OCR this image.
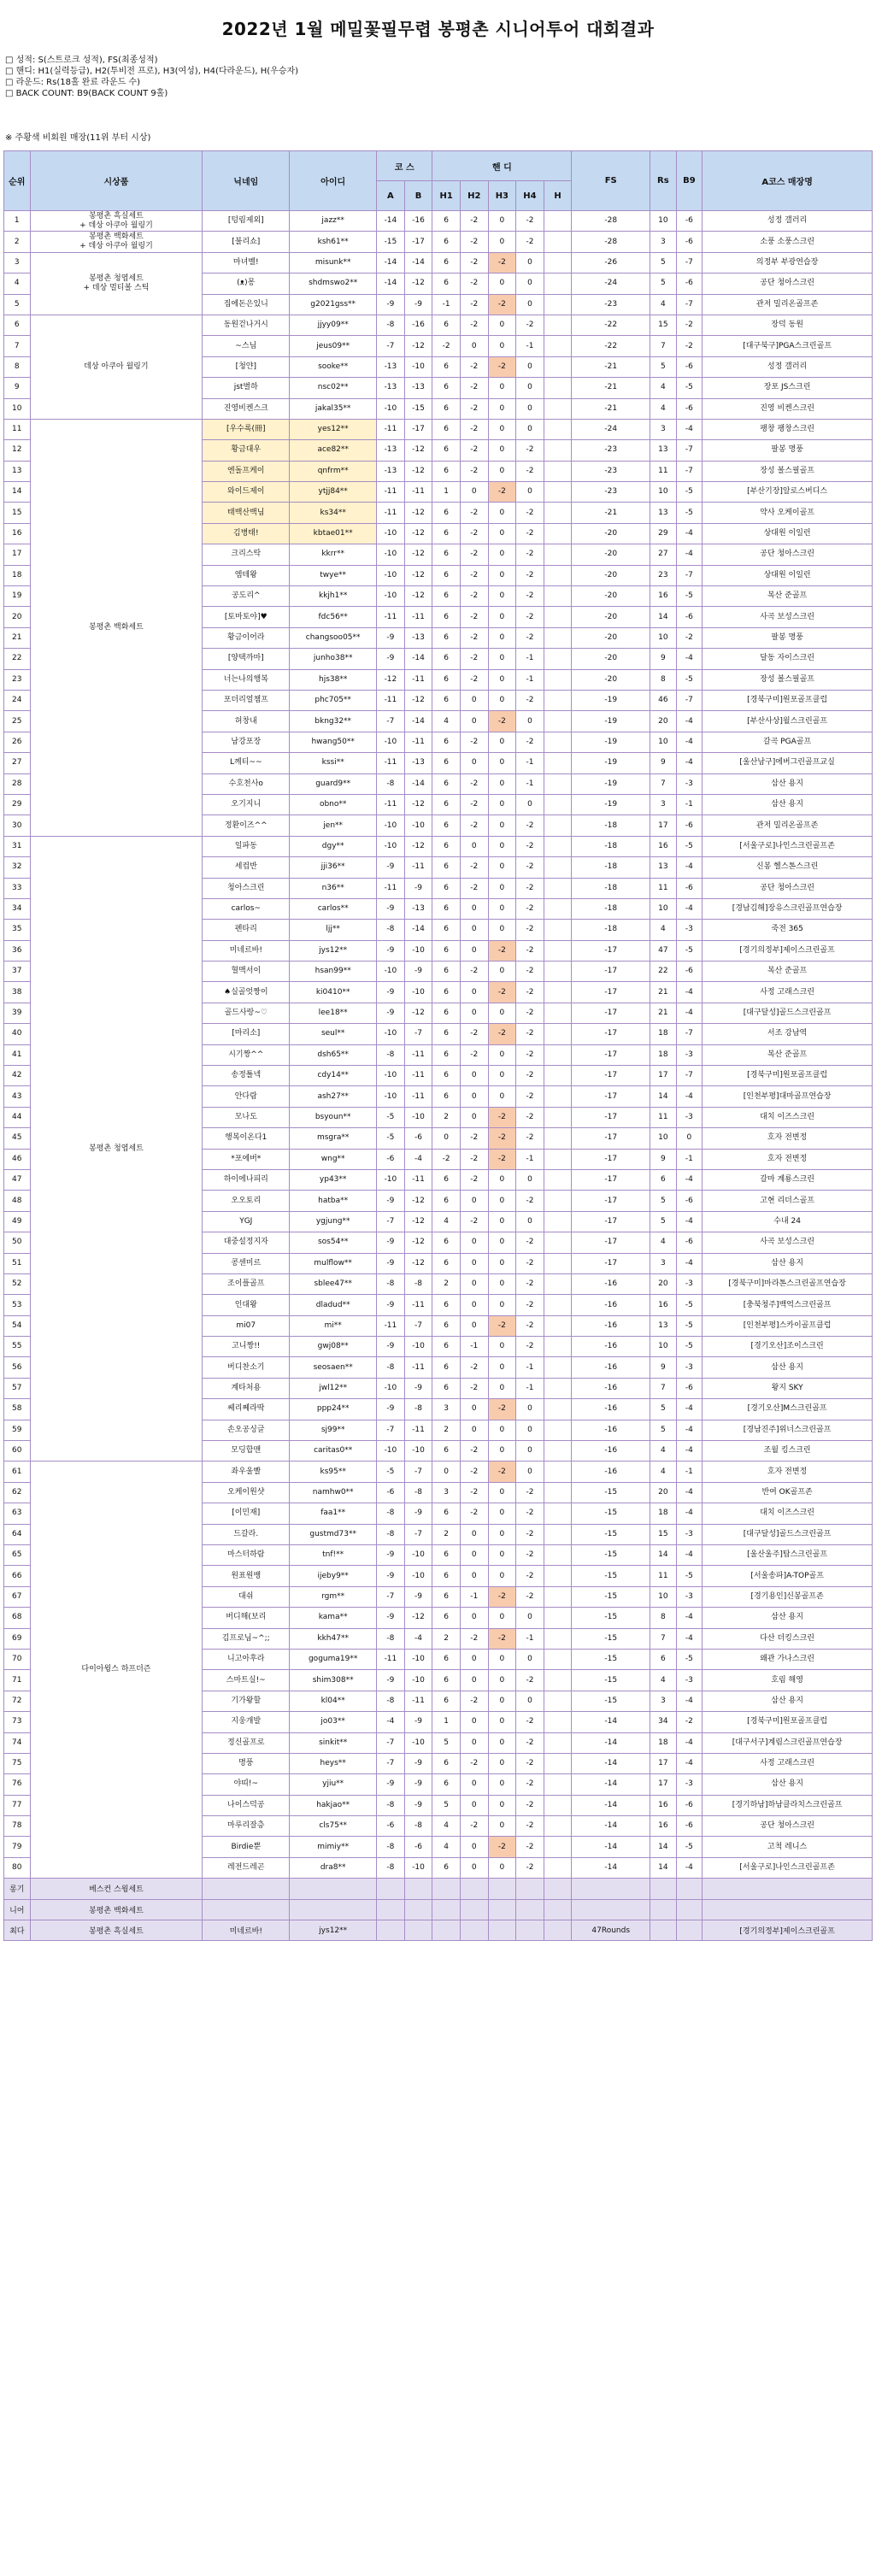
2022년 1월 메밀꽃필무렵 봉평촌 시니어투어 대회결과
□ 성적: S(스트로크 성적), FS(최종성적)
□ 핸디: H1(실력등급), H2(투비전 프로), H3(여성), H4(다라운드), H(우승자)
□ 라운드: Rs(18홀 완료 라운드 수)
□ BACK COUNT: B9(BACK COUNT 9홀)
※ 주황색 비회원 매장(11위 부터 시상)
순위	시상품	닉네임	아이디	코 스		핸 디					FS	Rs	B9	A코스 매장명
				A	B	H1	H2	H3	H4	H				
1	봉평촌 흑실세트
+ 데상 아쿠아 월링기	[텅림제외]	jazz**	-14	-16	6	-2	0	-2		-28	10	-6	성정 갤러리
2	봉평촌 백화세트
+ 데상 아쿠아 월링기	[불리쇼]	ksh61**	-15	-17	6	-2	0	-2		-28	3	-6	소풍 소풍스크린
3	봉평촌 청엽세트
+ 데상 멀티볼 스틱	마녀벨!	misunk**	-14	-14	6	-2	-2	0		-26	5	-7	의정부 부광연습장
4		(ᴥ)몽	shdmswo2**	-14	-12	6	-2	0	0		-24	5	-6	공단 청아스크린
5		집에돈은있니	g2021gss**	-9	-9	-1	-2	-2	0		-23	4	-7	관저 밀리온골프존
6	데상 아쿠아 월링기	동원걷나거시	jjyy09**	-8	-16	6	-2	0	-2		-22	15	-2	장덕 동원
7		~스님	jeus09**	-7	-12	-2	0	0	-1		-22	7	-2	[대구북구]PGA스크린골프
8		[청얀]	sooke**	-13	-10	6	-2	-2	0		-21	5	-6	성정 갤러리
9		jst별하	nsc02**	-13	-13	6	-2	0	0		-21	4	-5	장포 JS스크린
10		진영비켄스크	jakal35**	-10	-15	6	-2	0	0		-21	4	-6	진영 비켄스크린
11	봉평촌 백화세트	[우수록(冊]	yes12**	-11	-17	6	-2	0	0		-24	3	-4	팽창 팽창스크린
12		황금대우	ace82**	-13	-12	6	-2	0	-2		-23	13	-7	팔봉 명풍
13		엔돌프케이	qnfrm**	-13	-12	6	-2	0	-2		-23	11	-7	장성 볼스필골프
14		와이드제이	ytjj84**	-11	-11	1	0	-2	0		-23	10	-5	[부산기장]알로스버디스
15		태백산백님	ks34**	-11	-12	6	-2	0	-2		-21	13	-5	약사 오케이골프
16		김병태!	kbtae01**	-10	-12	6	-2	0	-2		-20	29	-4	상대원 이일런
17		크리스탁	kkrr**	-10	-12	6	-2	0	-2		-20	27	-4	공단 청아스크린
18		엠테왕	twye**	-10	-12	6	-2	0	-2		-20	23	-7	상대원 이일런
19		공도리^	kkjh1**	-10	-12	6	-2	0	-2		-20	16	-5	복산 준골프
20		[토마토야]♥	fdc56**	-11	-11	6	-2	0	-2		-20	14	-6	사곡 보성스크린
21		황금이어라	changsoo05**	-9	-13	6	-2	0	-2		-20	10	-2	팔봉 명풍
22		[양택까마]	junho38**	-9	-14	6	-2	0	-1		-20	9	-4	달동 자이스크린
23		너는나의행복	hjs38**	-12	-11	6	-2	0	-1		-20	8	-5	장성 볼스필골프
24		포더리얼챔프	phc705**	-11	-12	6	0	0	-2		-19	46	-7	[경북구미]원포골프클럽
25		허창내	bkng32**	-7	-14	4	0	-2	0		-19	20	-4	[부산사상]월스크린골프
26		남강포장	hwang50**	-10	-11	6	-2	0	-2		-19	10	-4	갈곡 PGA골프
27		L께티~~	kssi**	-11	-13	6	0	0	-1		-19	9	-4	[울산남구]에버그린골프교실
28		수호천사o	guard9**	-8	-14	6	-2	0	-1		-19	7	-3	삼산 용지
29		오기지니	obno**	-11	-12	6	-2	0	0		-19	3	-1	삼산 용지
30		정환이즈^^	jen**	-10	-10	6	-2	0	-2		-18	17	-6	관저 밀리온골프존
31	봉평촌 청엽세트	일파동	dgy**	-10	-12	6	0	0	-2		-18	16	-5	[서울구로]나인스크린골프존
32		세컵반	jji36**	-9	-11	6	-2	0	-2		-18	13	-4	신봉 헬스톤스크린
33		청아스크린	n36**	-11	-9	6	-2	0	-2		-18	11	-6	공단 청아스크린
34		carlos~	carlos**	-9	-13	6	0	0	-2		-18	10	-4	[경남김해]장유스크린골프연습장
35		펜타리	ljj**	-8	-14	6	0	0	-2		-18	4	-3	죽전 365
36		미네르바!	jys12**	-9	-10	6	0	-2	-2		-17	47	-5	[경기의정부]제이스크린골프
37		혈맥서이	hsan99**	-10	-9	6	-2	0	-2		-17	22	-6	복산 준골프
38		♠실골엇짱이	ki0410**	-9	-10	6	0	-2	-2		-17	21	-4	사정 고래스크린
39		골드사랑~♡	lee18**	-9	-12	6	0	0	-2		-17	21	-4	[대구달성]골드스크린골프
40		[마리소]	seul**	-10	-7	6	-2	-2	-2		-17	18	-7	서조 강남역
41		시기짱^^	dsh65**	-8	-11	6	-2	0	-2		-17	18	-3	복산 준골프
42		송정틀넥	cdy14**	-10	-11	6	0	0	-2		-17	17	-7	[경북구미]원포골프클럽
43		안다람	ash27**	-10	-11	6	0	0	-2		-17	14	-4	[인천부평]대마골프연습장
44		모나도	bsyoun**	-5	-10	2	0	-2	-2		-17	11	-3	대치 이즈스크린
45		행복이온다1	msgra**	-5	-6	0	-2	-2	-2		-17	10	0	호자 전변정
46		*포에버*	wng**	-6	-4	-2	-2	-2	-1		-17	9	-1	호자 전변정
47		하이에나피리	yp43**	-10	-11	6	-2	0	0		-17	6	-4	갈마 계룡스크린
48		오오토리	hatba**	-9	-12	6	0	0	-2		-17	5	-6	고현 리더스골프
49		YGJ	ygjung**	-7	-12	4	-2	0	0		-17	5	-4	수내 24
50		대중설정지자	sos54**	-9	-12	6	0	0	-2		-17	4	-6	사곡 보성스크린
51		콩센미르	mulflow**	-9	-12	6	0	0	-2		-17	3	-4	삼산 용지
52		조이플골프	sblee47**	-8	-8	2	0	0	-2		-16	20	-3	[경북구미]마라톤스크린골프연습장
53		인대왕	dladud**	-9	-11	6	0	0	-2		-16	16	-5	[충북청주]백억스크린골프
54		mi07	mi**	-11	-7	6	0	-2	-2		-16	13	-5	[인천부평]스카이골프클럽
55		고니짱!!	gwj08**	-9	-10	6	-1	0	-2		-16	10	-5	[경기오산]조이스크린
56		버디찬소기	seosaen**	-8	-11	6	-2	0	-1		-16	9	-3	삼산 용지
57		계타처용	jwl12**	-10	-9	6	-2	0	-1		-16	7	-6	왕지 SKY
58		쎄리쩨라딱	ppp24**	-9	-8	3	0	-2	0		-16	5	-4	[경기오산]M스크린골프
59		손오공싱글	sj99**	-7	-11	2	0	0	0		-16	5	-4	[경남진주]위너스크린골프
60		모딩합맨	caritas0**	-10	-10	6	-2	0	0		-16	4	-4	조월 킹스크린
61	다이아윙스 하프더즌	좌우울빨	ks95**	-5	-7	0	-2	-2	0		-16	4	-1	호자 전변정
62		오케이원샷	namhw0**	-6	-8	3	-2	0	-2		-15	20	-4	반여 OK골프존
63		[이민재]	faa1**	-8	-9	6	-2	0	-2		-15	18	-4	대치 이즈스크린
64		드갈라.	gustmd73**	-8	-7	2	0	0	-2		-15	15	-3	[대구달성]골드스크린골프
65		마스터하람	tnf!**	-9	-10	6	0	0	-2		-15	14	-4	[울산울주]탑스크린골프
66		원표원뱅	ijeby9**	-9	-10	6	0	0	-2		-15	11	-5	[서울송파]A-TOP골프
67		대쉬	rgm**	-7	-9	6	-1	-2	-2		-15	10	-3	[경기용인]신봉골프존
68		버디해(보리	kama**	-9	-12	6	0	0	0		-15	8	-4	삼산 용지
69		김프로님~^;;	kkh47**	-8	-4	2	-2	-2	-1		-15	7	-4	다산 더킹스크린
70		니고아후라	goguma19**	-11	-10	6	0	0	0		-15	6	-5	왜관 가나스크린
71		스마트실!~	shim308**	-9	-10	6	0	0	-2		-15	4	-3	호림 해영
72		기가왕할	kl04**	-8	-11	6	-2	0	0		-15	3	-4	삼산 용지
73		지웅개발	jo03**	-4	-9	1	0	0	-2		-14	34	-2	[경북구미]원포골프클럽
74		정신골프로	sinkit**	-7	-10	5	0	0	-2		-14	18	-4	[대구서구]계림스크린골프연습장
75		명풍	heys**	-7	-9	6	-2	0	-2		-14	17	-4	사정 고래스크린
76		야띠!~	yjiu**	-9	-9	6	0	0	-2		-14	17	-3	삼산 용지
77		나이스덕공	hakjao**	-8	-9	5	0	0	-2		-14	16	-6	[경기하남]하남클라치스크린골프
78		마루리잘층	cls75**	-6	-8	4	-2	0	-2		-14	16	-6	공단 청아스크린
79		Birdie뿐	mimiy**	-8	-6	4	0	-2	-2		-14	14	-5	고척 레니스
80		레전드레곤	dra8**	-8	-10	6	0	0	-2		-14	14	-4	[서울구로]나인스크린골프존
롱기	베스컨 스윙세트													
니어	봉평촌 백화세트													
최다	봉평촌 흑실세트	미네르바!	jys12**								47Rounds			[경기의정부]제이스크린골프
